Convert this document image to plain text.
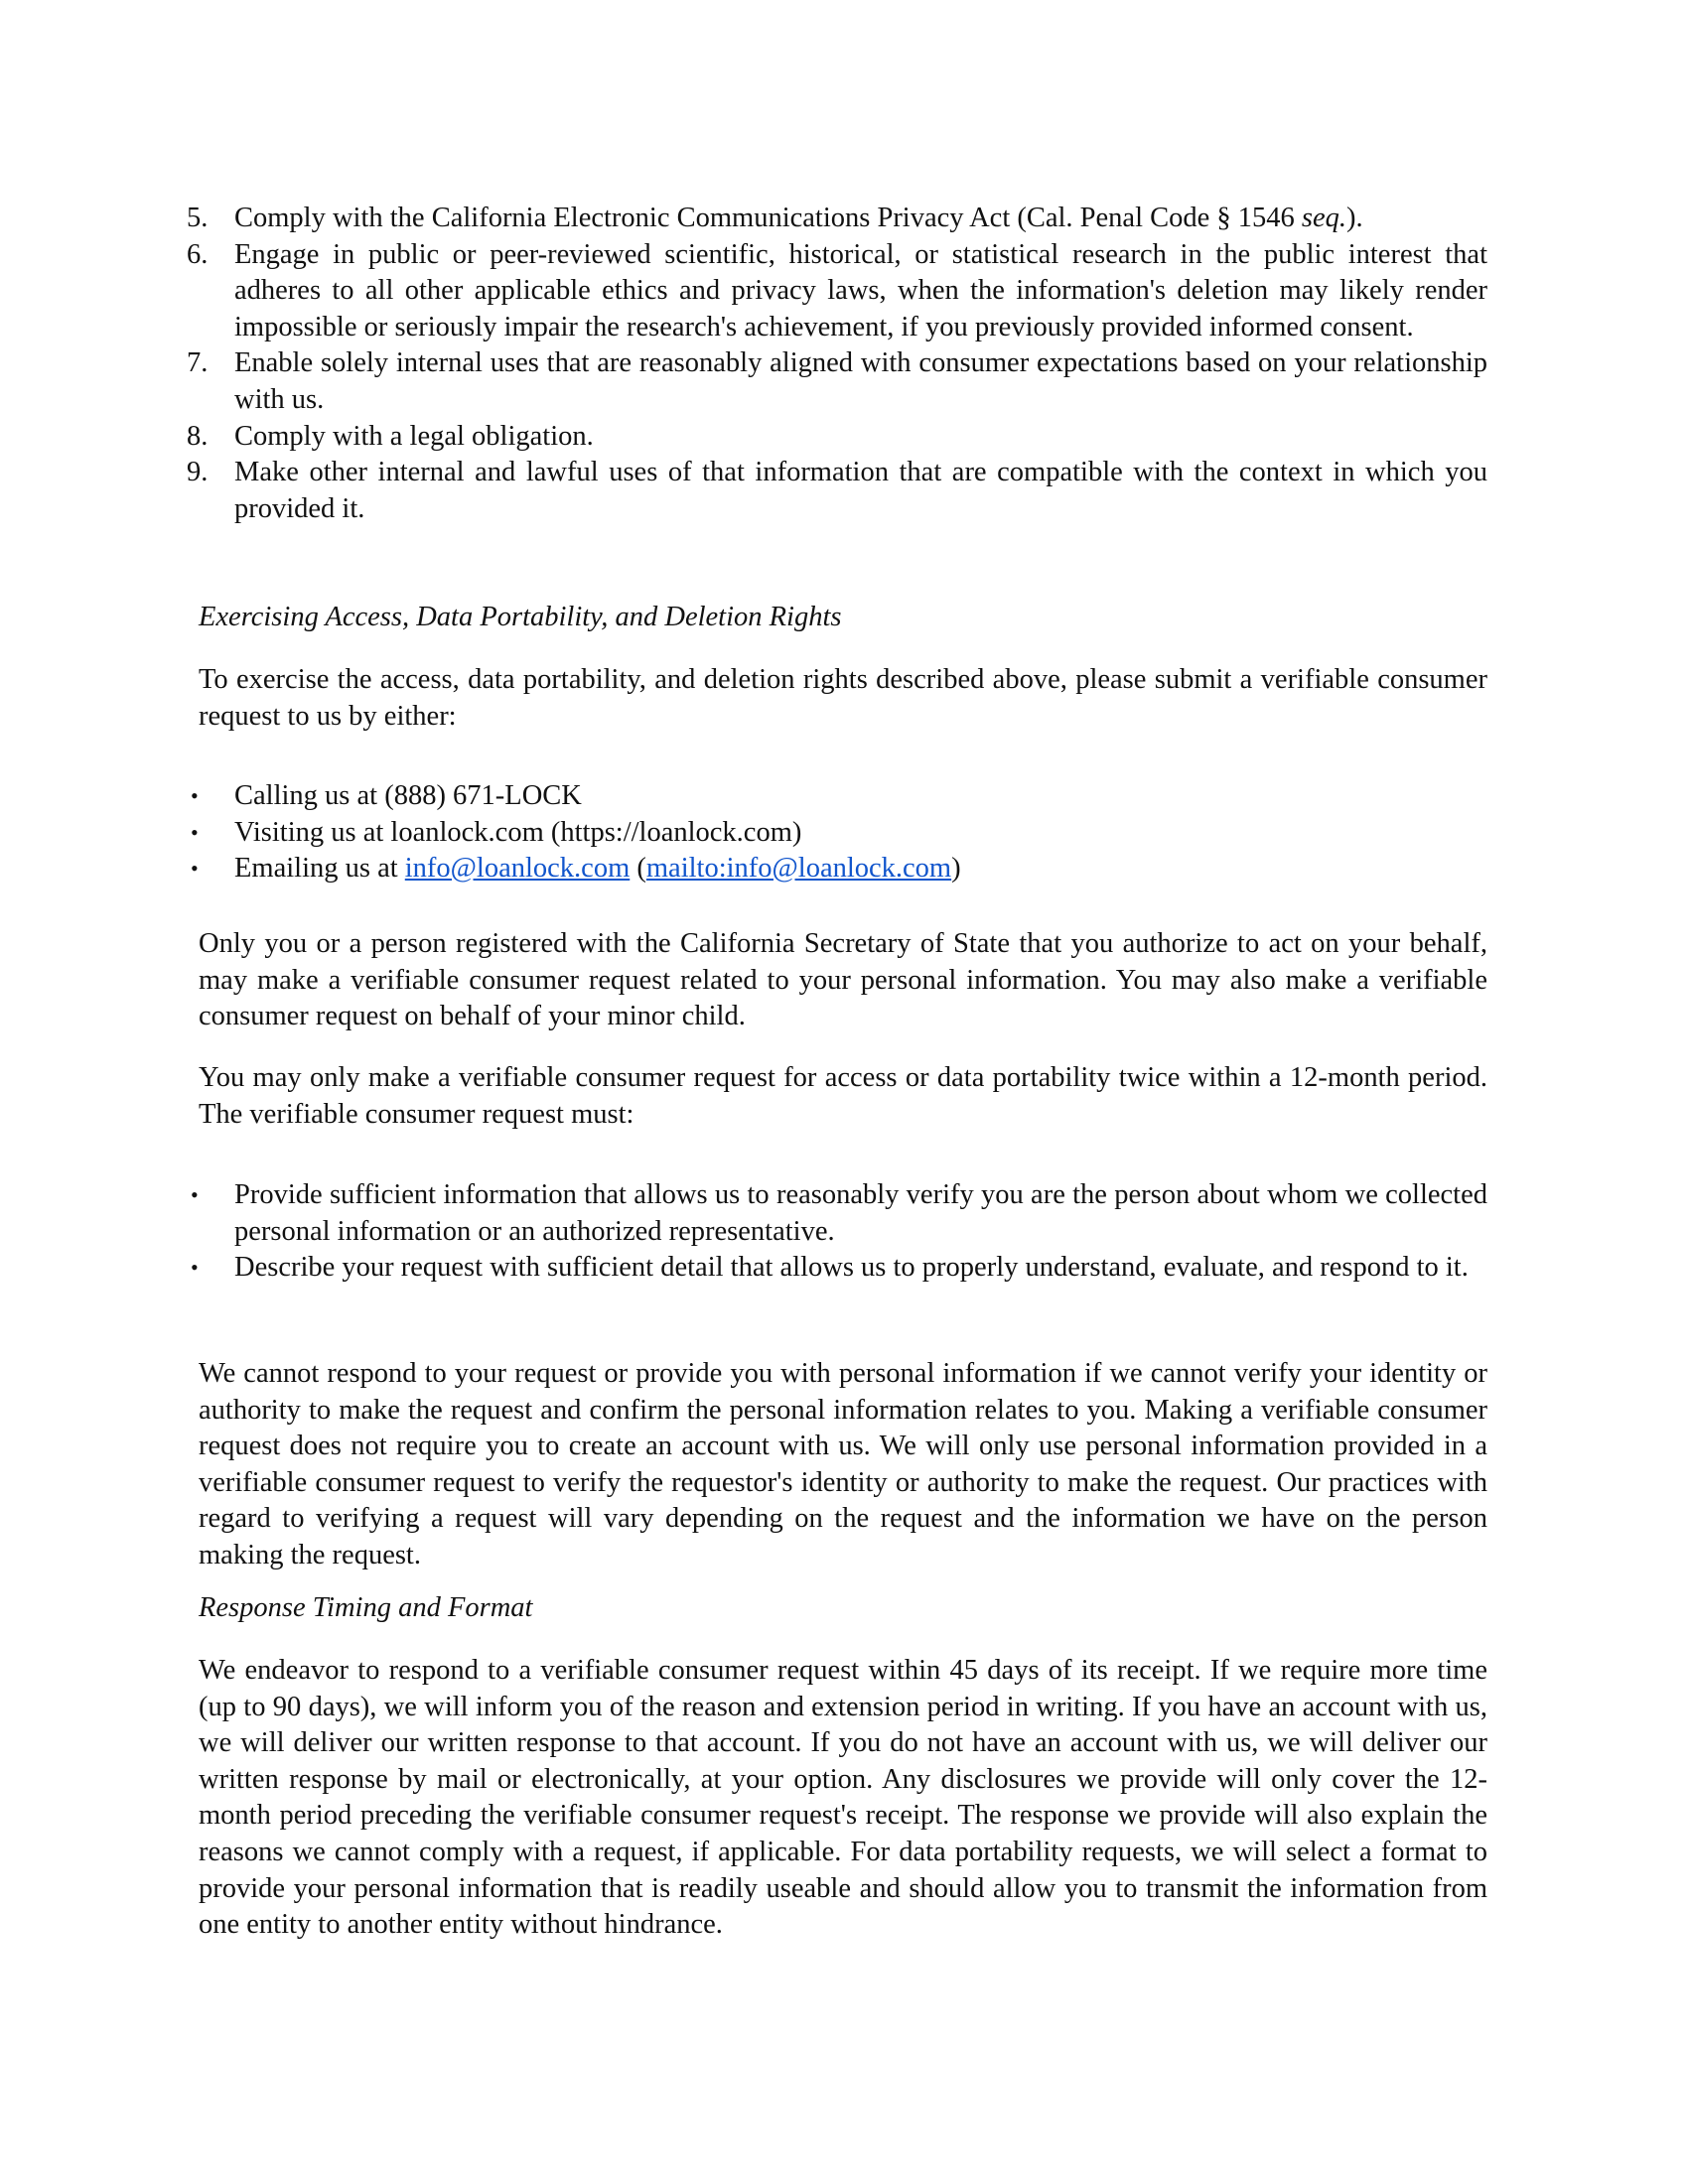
5. Comply with the California Electronic Communications Privacy Act (Cal. Penal Code § 1546 seq.).
6. Engage in public or peer-reviewed scientific, historical, or statistical research in the public interest that adheres to all other applicable ethics and privacy laws, when the information's deletion may likely render impossible or seriously impair the research's achievement, if you previously provided informed consent.
7. Enable solely internal uses that are reasonably aligned with consumer expectations based on your relationship with us.
8. Comply with a legal obligation.
9. Make other internal and lawful uses of that information that are compatible with the context in which you provided it.
Exercising Access, Data Portability, and Deletion Rights

To exercise the access, data portability, and deletion rights described above, please submit a verifiable consumer request to us by either:

• Calling us at (888) 671-LOCK
• Visiting us at loanlock.com (https://loanlock.com)
• Emailing us at info@loanlock.com (mailto:info@loanlock.com)

Only you or a person registered with the California Secretary of State that you authorize to act on your behalf, may make a verifiable consumer request related to your personal information. You may also make a verifiable consumer request on behalf of your minor child.

You may only make a verifiable consumer request for access or data portability twice within a 12-month period. The verifiable consumer request must:

• Provide sufficient information that allows us to reasonably verify you are the person about whom we collected personal information or an authorized representative.
• Describe your request with sufficient detail that allows us to properly understand, evaluate, and respond to it.

We cannot respond to your request or provide you with personal information if we cannot verify your identity or authority to make the request and confirm the personal information relates to you. Making a verifiable consumer request does not require you to create an account with us. We will only use personal information provided in a verifiable consumer request to verify the requestor's identity or authority to make the request. Our practices with regard to verifying a request will vary depending on the request and the information we have on the person making the request.

Response Timing and Format

We endeavor to respond to a verifiable consumer request within 45 days of its receipt. If we require more time (up to 90 days), we will inform you of the reason and extension period in writing. If you have an account with us, we will deliver our written response to that account. If you do not have an account with us, we will deliver our written response by mail or electronically, at your option. Any disclosures we provide will only cover the 12-month period preceding the verifiable consumer request's receipt. The response we provide will also explain the reasons we cannot comply with a request, if applicable. For data portability requests, we will select a format to provide your personal information that is readily useable and should allow you to transmit the information from one entity to another entity without hindrance.
